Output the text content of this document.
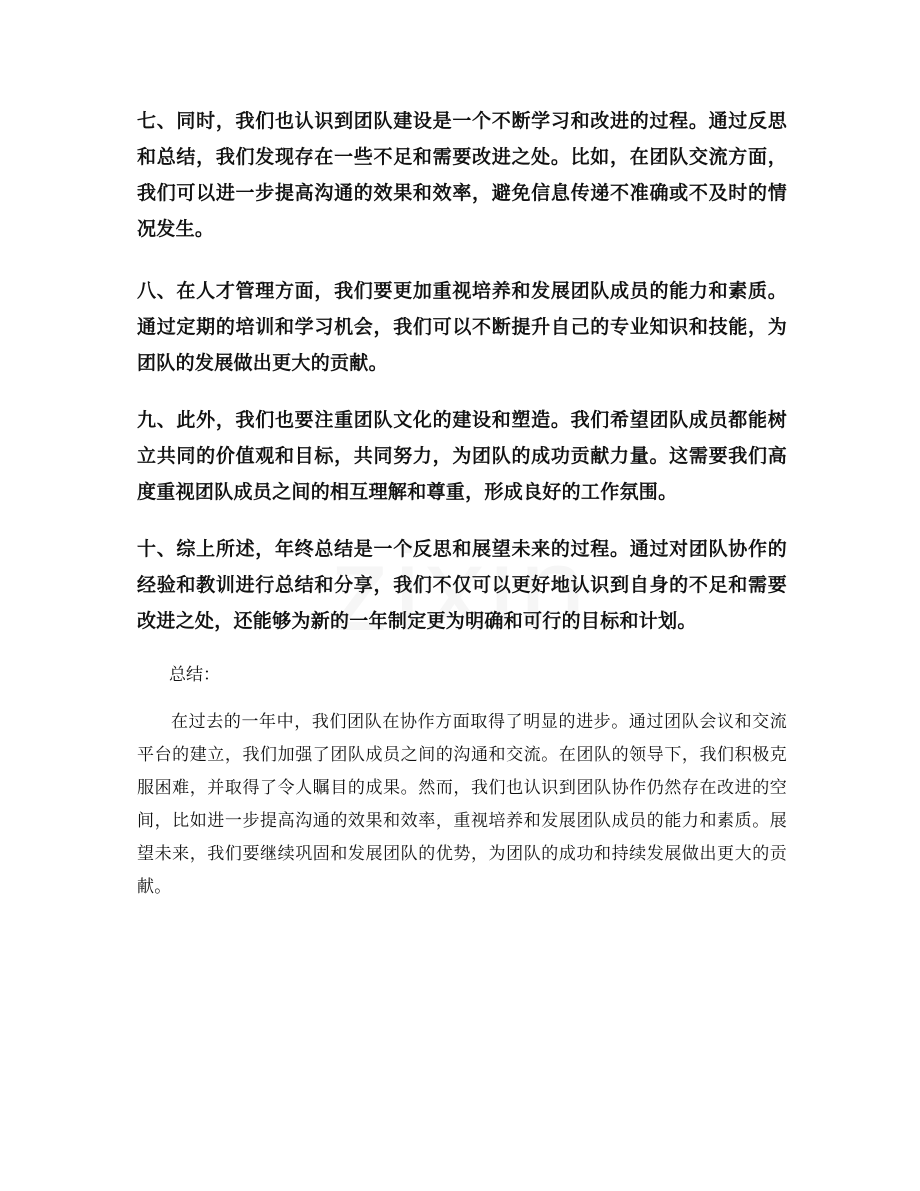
七、同时，我们也认识到团队建设是一个不断学习和改进的过程。通过反思和总结，我们发现存在一些不足和需要改进之处。比如，在团队交流方面，我们可以进一步提高沟通的效果和效率，避免信息传递不准确或不及时的情况发生。

八、在人才管理方面，我们要更加重视培养和发展团队成员的能力和素质。通过定期的培训和学习机会，我们可以不断提升自己的专业知识和技能，为团队的发展做出更大的贡献。

九、此外，我们也要注重团队文化的建设和塑造。我们希望团队成员都能树立共同的价值观和目标，共同努力，为团队的成功贡献力量。这需要我们高度重视团队成员之间的相互理解和尊重，形成良好的工作氛围。

十、综上所述，年终总结是一个反思和展望未来的过程。通过对团队协作的经验和教训进行总结和分享，我们不仅可以更好地认识到自身的不足和需要改进之处，还能够为新的一年制定更为明确和可行的目标和计划。

总结：

在过去的一年中，我们团队在协作方面取得了明显的进步。通过团队会议和交流平台的建立，我们加强了团队成员之间的沟通和交流。在团队的领导下，我们积极克服困难，并取得了令人瞩目的成果。然而，我们也认识到团队协作仍然存在改进的空间，比如进一步提高沟通的效果和效率，重视培养和发展团队成员的能力和素质。展望未来，我们要继续巩固和发展团队的优势，为团队的成功和持续发展做出更大的贡献。
